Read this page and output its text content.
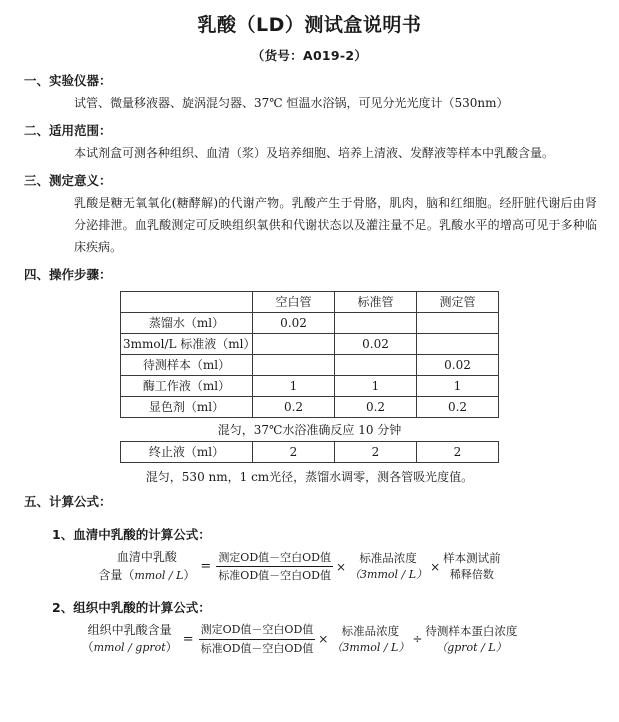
乳酸（LD）测试盒说明书
（货号：A019-2）
一、实验仪器：
试管、微量移液器、旋涡混匀器、37℃ 恒温水浴锅，可见分光光度计（530nm）
二、适用范围：
本试剂盒可测各种组织、血清（浆）及培养细胞、培养上清液、发酵液等样本中乳酸含量。
三、测定意义：
乳酸是糖无氧氧化(糖酵解)的代谢产物。乳酸产生于骨胳，肌肉，脑和红细胞。经肝脏代谢后由肾分泌排泄。血乳酸测定可反映组织氧供和代谢状态以及灌注量不足。乳酸水平的增高可见于多种临床疾病。
四、操作步骤：
	空白管	标准管	测定管
蒸馏水（ml）	0.02		
3mmol/L 标准液（ml）		0.02	
待测样本（ml）			0.02
酶工作液（ml）	1	1	1
显色剂（ml）	0.2	0.2	0.2
混匀，37℃水浴准确反应 10 分钟
终止液（ml）	2	2	2
混匀，530 nm，1 cm光径，蒸馏水调零，测各管吸光度值。
五、计算公式：
1、血清中乳酸的计算公式：
血清中乳酸
含量（mmol / L）
= $\frac{\text{测定OD值－空白OD值}}{\text{标准OD值－空白OD值}}$ ×
标准品浓度
（3mmol / L）
×
样本测试前
稀释倍数
2、组织中乳酸的计算公式：
组织中乳酸含量
（mmol / gprot）
= $\frac{\text{测定OD值－空白OD值}}{\text{标准OD值－空白OD值}}$ ×
标准品浓度
（3mmol / L）
÷
待测样本蛋白浓度
（gprot / L）
